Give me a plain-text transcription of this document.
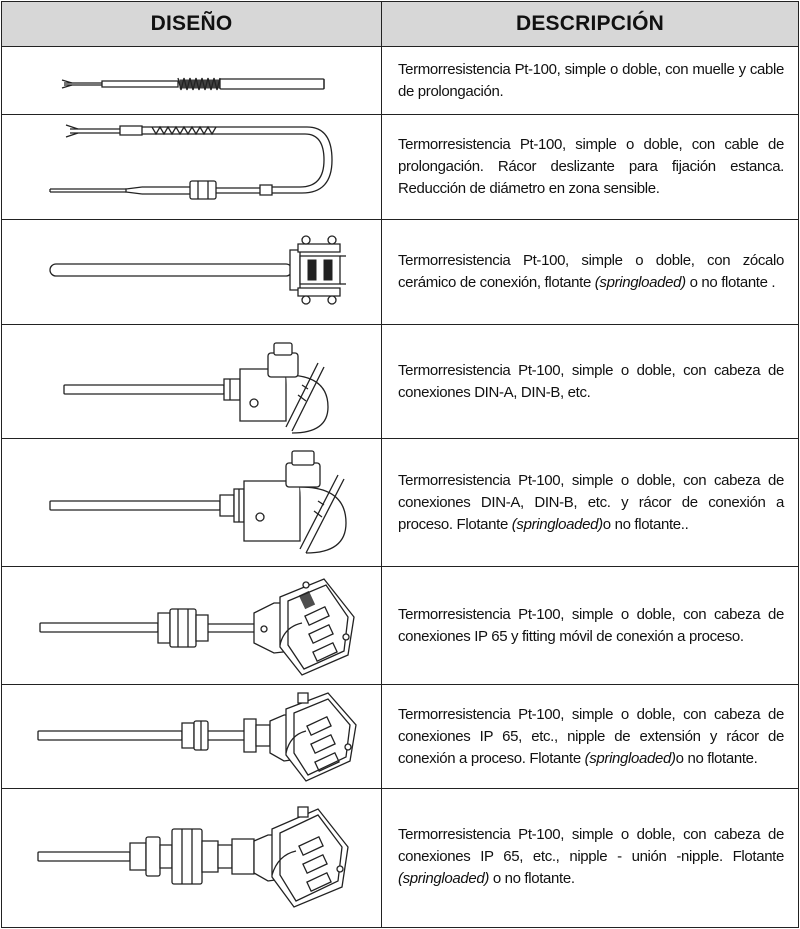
DISEÑO	DESCRIPCIÓN

	Termorresistencia Pt-100, simple o doble, con muelle y cable de prolongación.

	Termorresistencia Pt-100, simple o doble, con cable de prolongación. Rácor deslizante para fijación estanca. Reducción de diámetro en zona sensible.

	Termorresistencia Pt-100, simple o doble, con zócalo cerámico de conexión, flotante (springloaded) o no flotante .

	Termorresistencia Pt-100, simple o doble, con cabeza de conexiones DIN-A, DIN-B, etc.

	Termorresistencia Pt-100, simple o doble, con cabeza de conexiones DIN-A, DIN-B, etc. y rácor de conexión a proceso. Flotante (springloaded)o no flotante..

	Termorresistencia Pt-100, simple o doble, con cabeza de conexiones IP 65 y fitting móvil de conexión a proceso.

	Termorresistencia Pt-100, simple o doble, con cabeza de conexiones IP 65, etc., nipple de extensión y rácor de conexión a proceso. Flotante (springloaded)o no flotante.

	Termorresistencia Pt-100, simple o doble, con cabeza de conexiones IP 65, etc., nipple - unión -nipple. Flotante (springloaded) o no flotante.
